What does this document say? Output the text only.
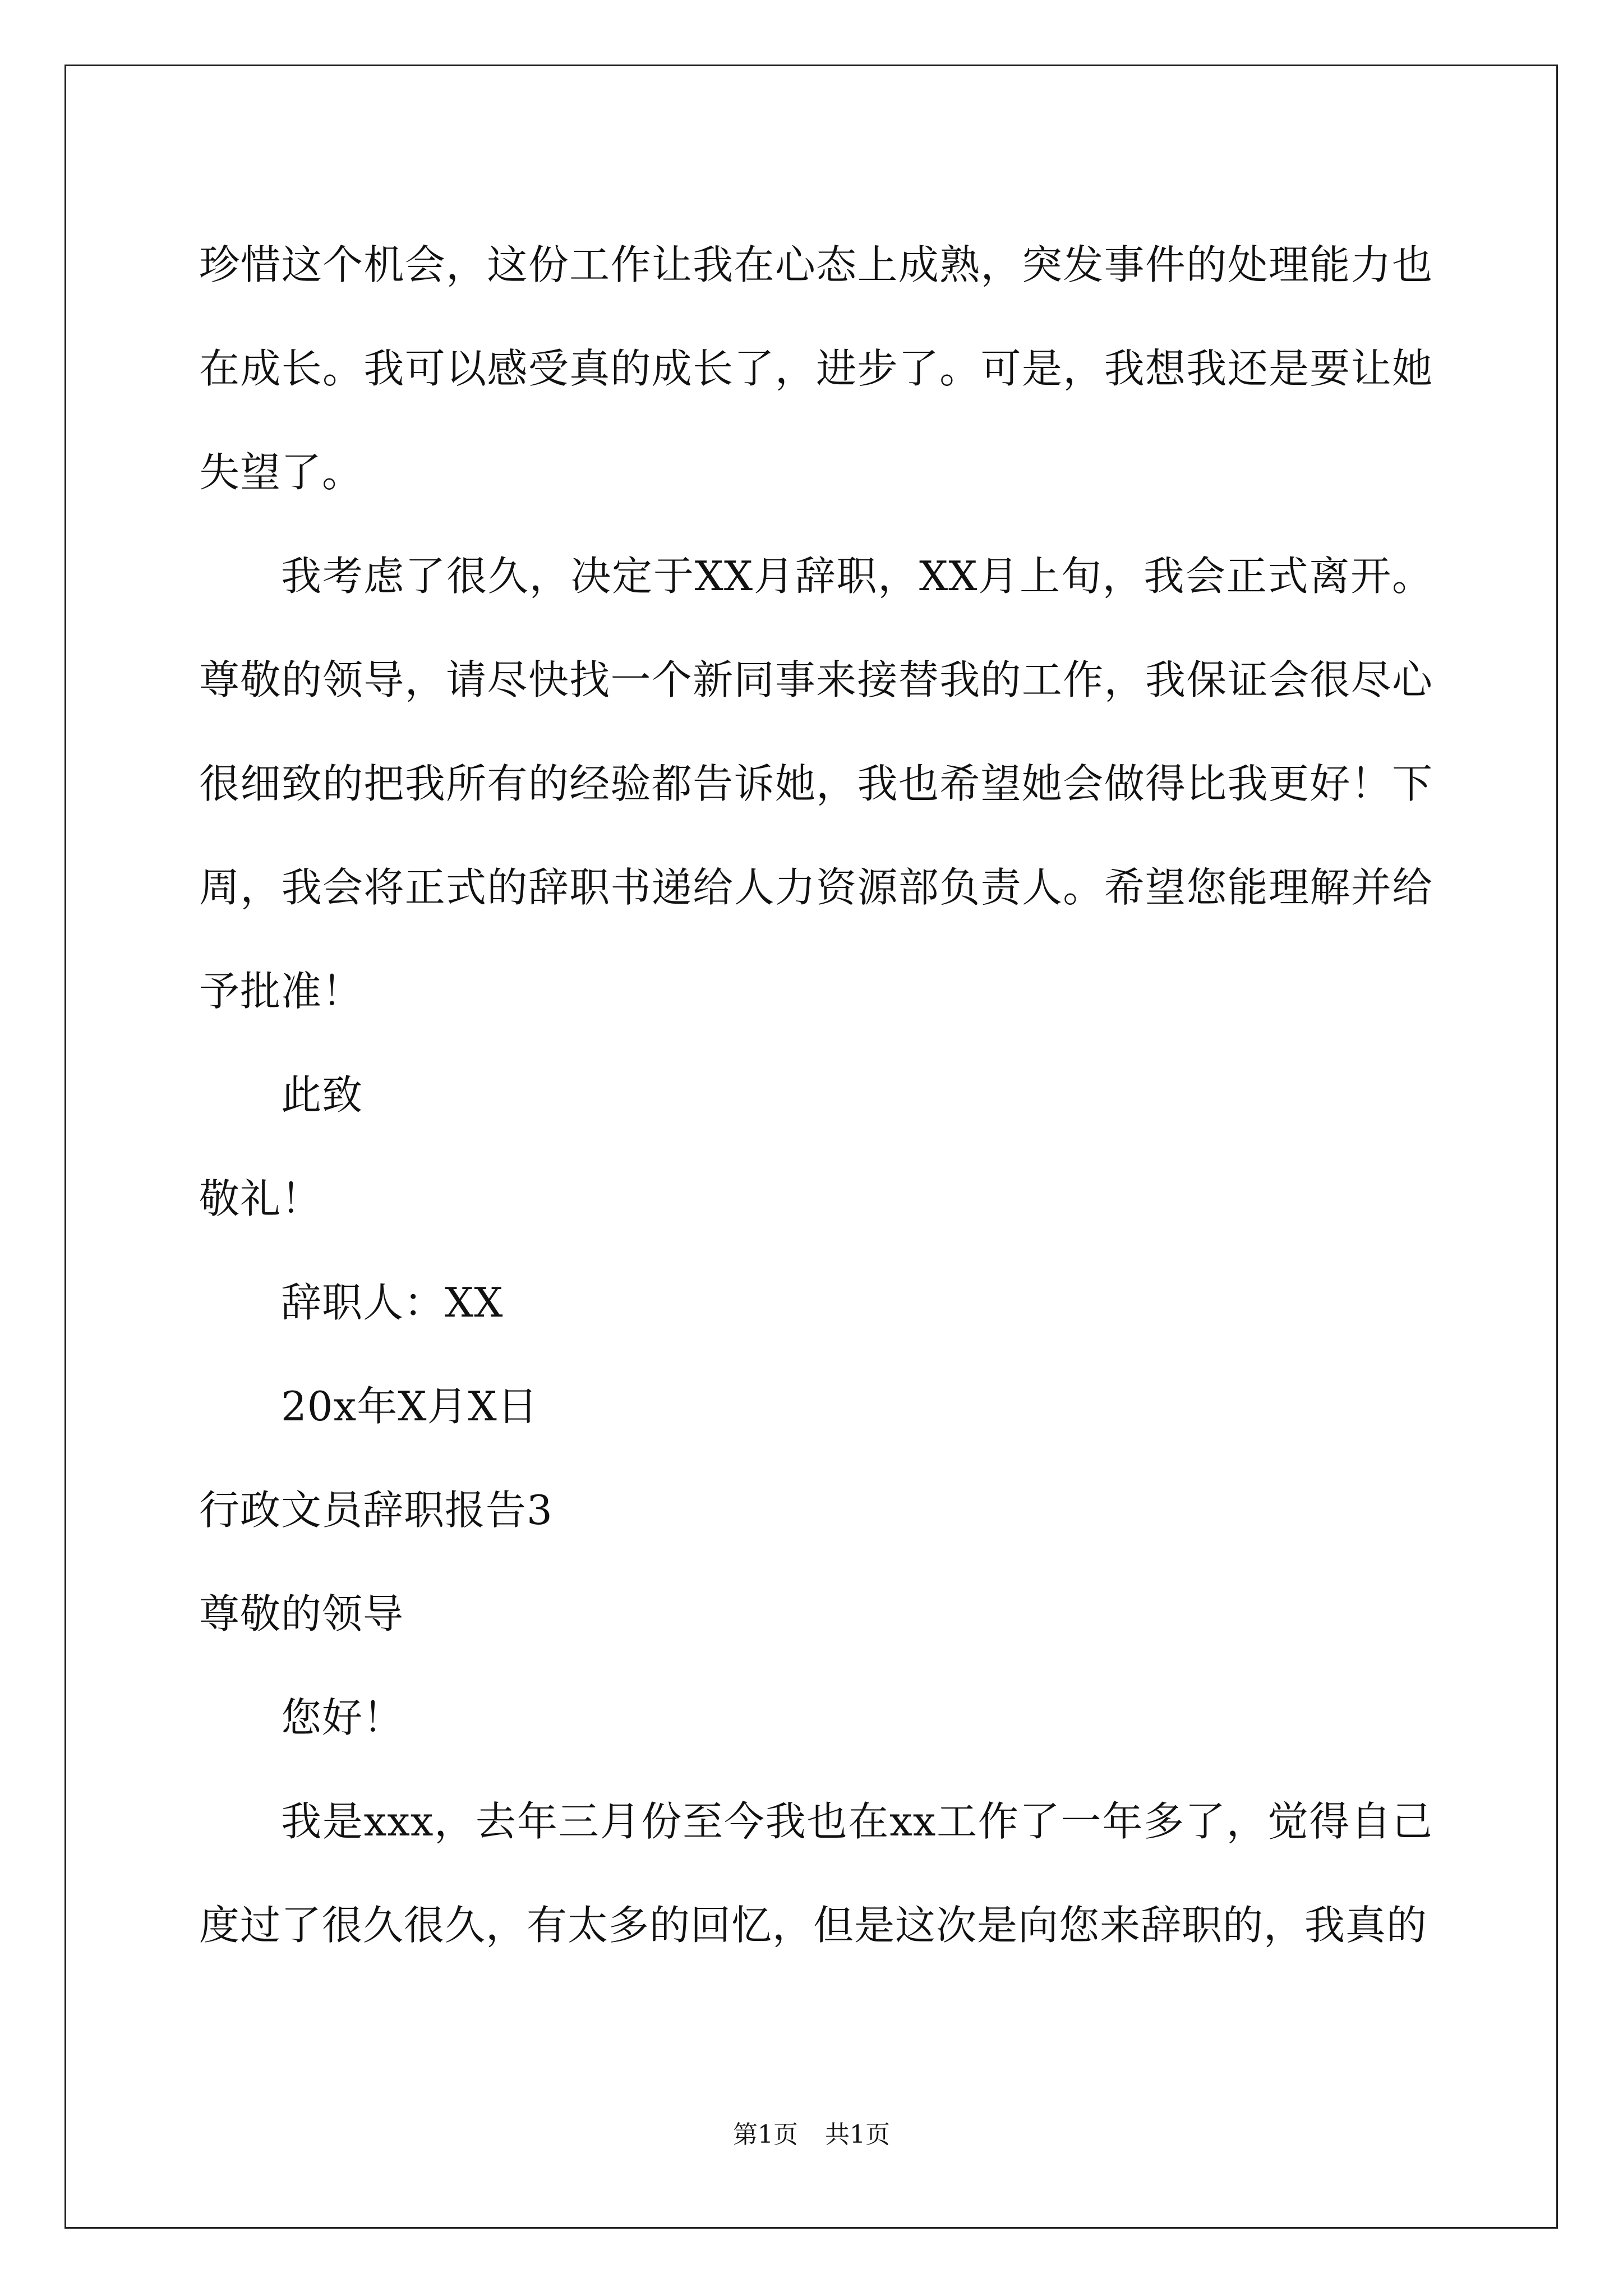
珍惜这个机会，这份工作让我在心态上成熟，突发事件的处理能力也在成长。我可以感受真的成长了，进步了。可是，我想我还是要让她失望了。

我考虑了很久，决定于XX月辞职，XX月上旬，我会正式离开。尊敬的领导，请尽快找一个新同事来接替我的工作，我保证会很尽心很细致的把我所有的经验都告诉她，我也希望她会做得比我更好！下周，我会将正式的辞职书递给人力资源部负责人。希望您能理解并给予批准！

此致

敬礼！

辞职人：XX

20x年X月X日

行政文员辞职报告3

尊敬的领导

您好！

我是xxx，去年三月份至今我也在xx工作了一年多了，觉得自己度过了很久很久，有太多的回忆，但是这次是向您来辞职的，我真的

第1页 共1页
